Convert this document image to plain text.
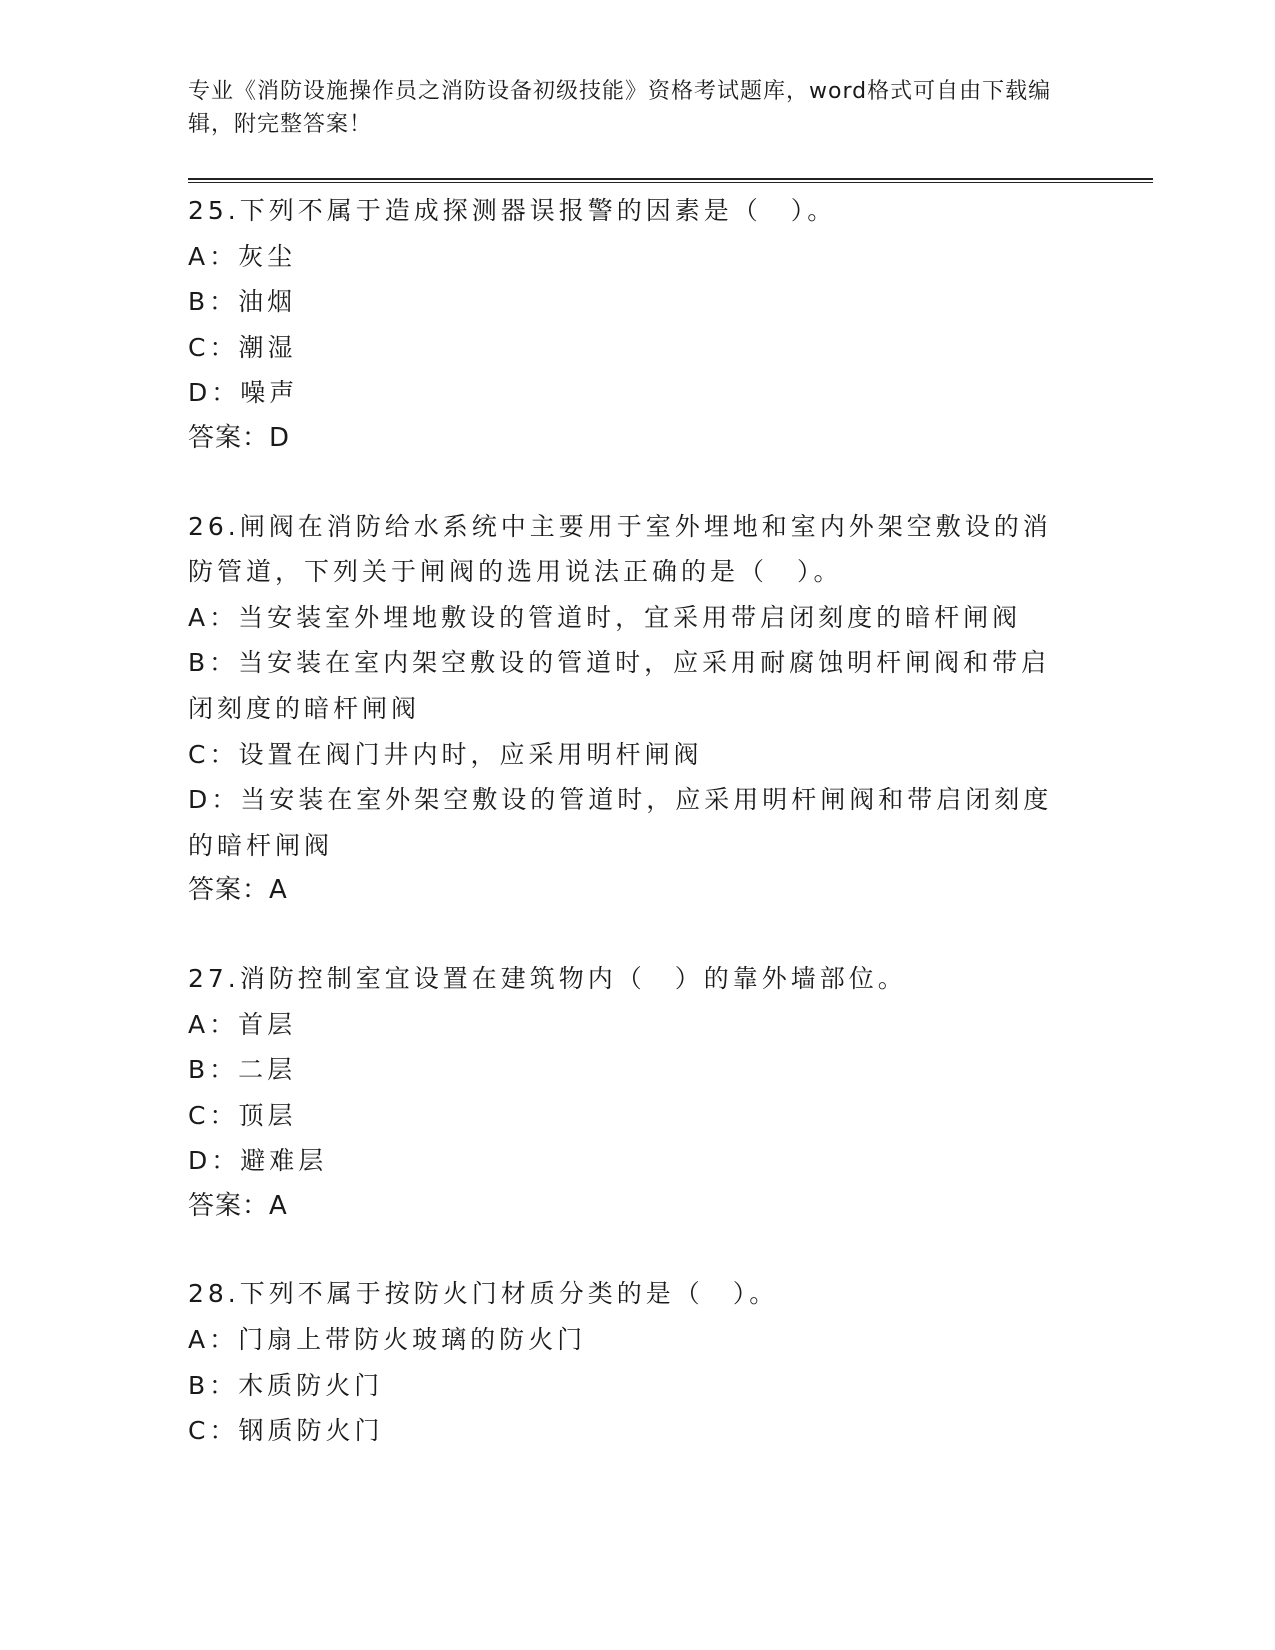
专业《消防设施操作员之消防设备初级技能》资格考试题库，word格式可自由下载编辑，附完整答案！

25.下列不属于造成探测器误报警的因素是（　）。

A：灰尘

B：油烟

C：潮湿

D：噪声

答案：D

26.闸阀在消防给水系统中主要用于室外埋地和室内外架空敷设的消防管道，下列关于闸阀的选用说法正确的是（　）。

A：当安装室外埋地敷设的管道时，宜采用带启闭刻度的暗杆闸阀

B：当安装在室内架空敷设的管道时，应采用耐腐蚀明杆闸阀和带启闭刻度的暗杆闸阀

C：设置在阀门井内时，应采用明杆闸阀

D：当安装在室外架空敷设的管道时，应采用明杆闸阀和带启闭刻度的暗杆闸阀

答案：A

27.消防控制室宜设置在建筑物内（　）的靠外墙部位。

A：首层

B：二层

C：顶层

D：避难层

答案：A

28.下列不属于按防火门材质分类的是（　）。

A：门扇上带防火玻璃的防火门

B：木质防火门

C：钢质防火门
